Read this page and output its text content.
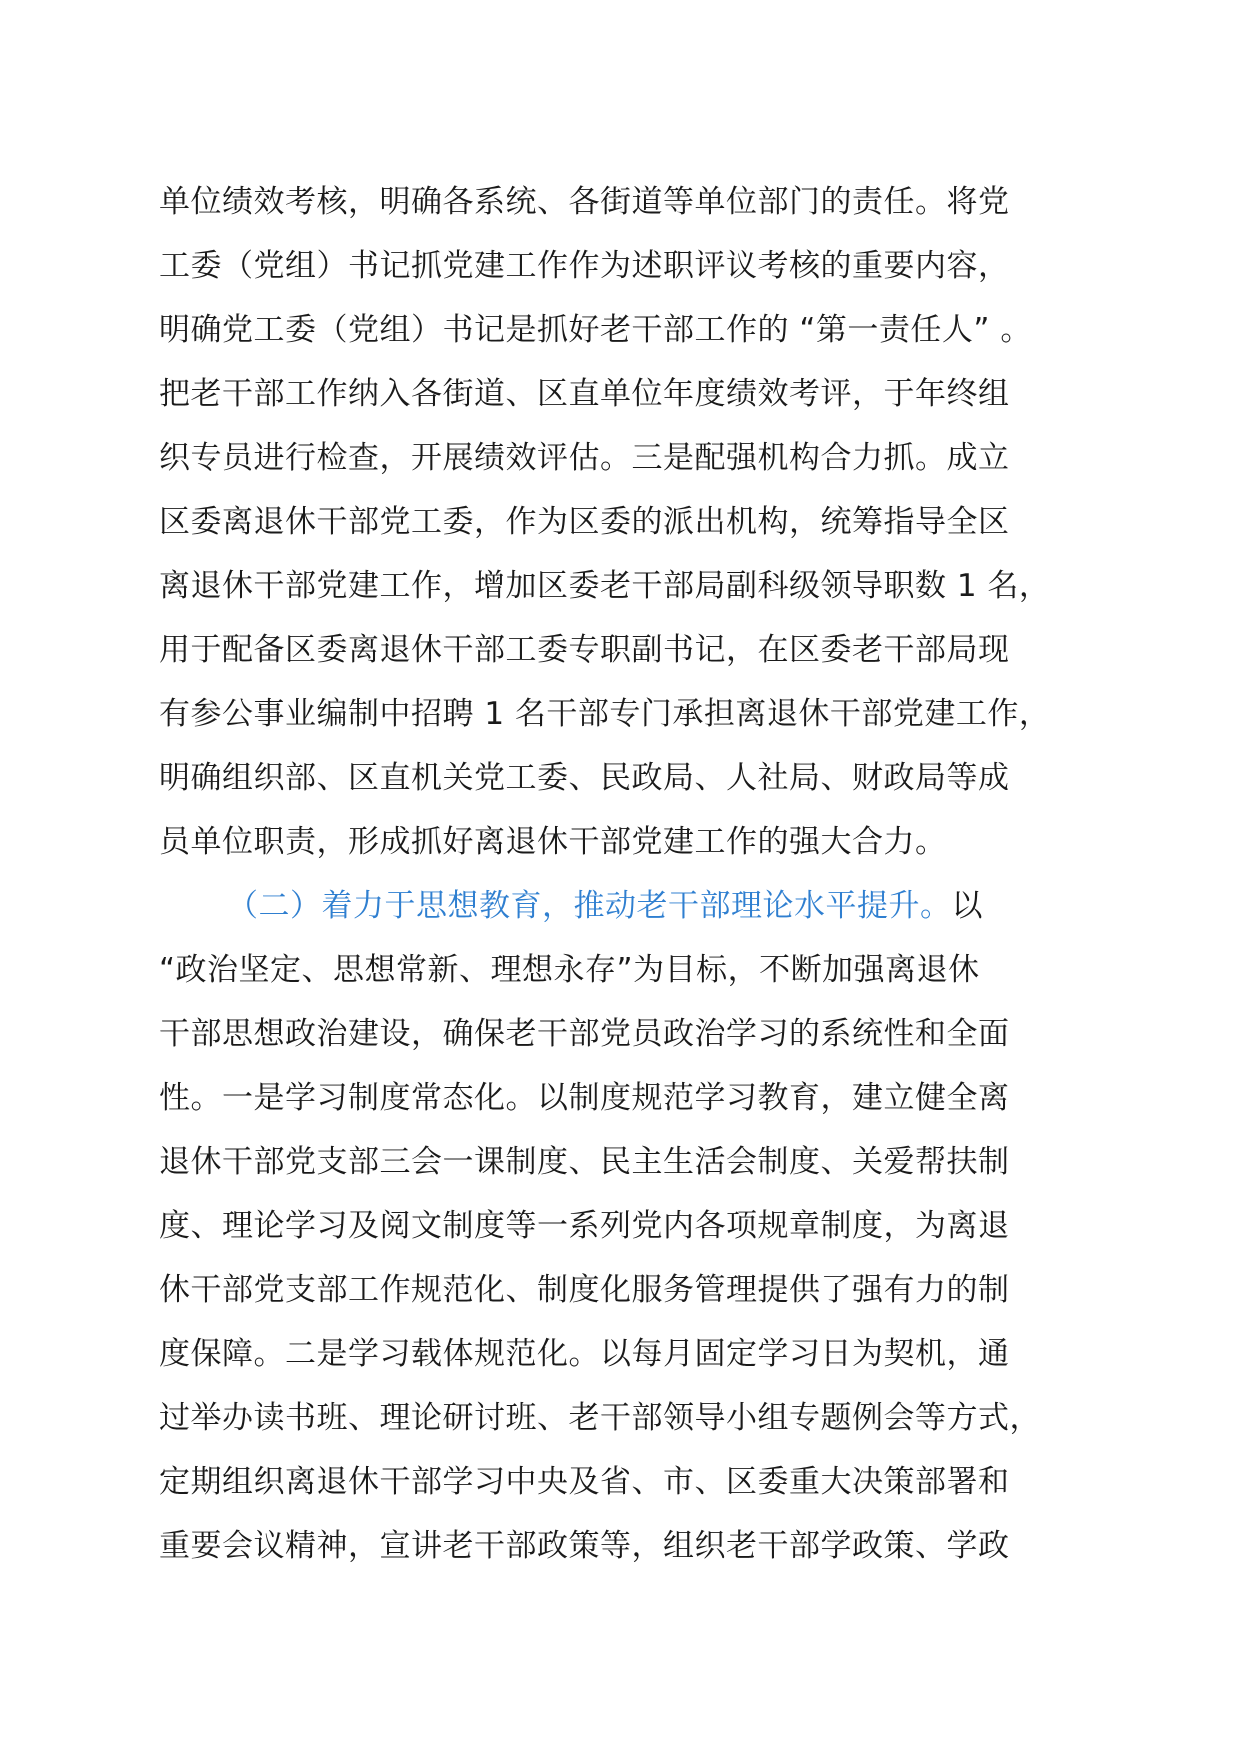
单位绩效考核，明确各系统、各街道等单位部门的责任。将党
工委（党组）书记抓党建工作作为述职评议考核的重要内容，
明确党工委（党组）书记是抓好老干部工作的 “第一责任人” 。
把老干部工作纳入各街道、区直单位年度绩效考评，于年终组
织专员进行检查，开展绩效评估。三是配强机构合力抓。成立
区委离退休干部党工委，作为区委的派出机构，统筹指导全区
离退休干部党建工作，增加区委老干部局副科级领导职数 1 名，
用于配备区委离退休干部工委专职副书记，在区委老干部局现
有参公事业编制中招聘 1 名干部专门承担离退休干部党建工作，
明确组织部、区直机关党工委、民政局、人社局、财政局等成
员单位职责，形成抓好离退休干部党建工作的强大合力。
（二）着力于思想教育，推动老干部理论水平提升。以
“政治坚定、思想常新、理想永存”为目标，不断加强离退休
干部思想政治建设，确保老干部党员政治学习的系统性和全面
性。一是学习制度常态化。以制度规范学习教育，建立健全离
退休干部党支部三会一课制度、民主生活会制度、关爱帮扶制
度、理论学习及阅文制度等一系列党内各项规章制度，为离退
休干部党支部工作规范化、制度化服务管理提供了强有力的制
度保障。二是学习载体规范化。以每月固定学习日为契机，通
过举办读书班、理论研讨班、老干部领导小组专题例会等方式，
定期组织离退休干部学习中央及省、市、区委重大决策部署和
重要会议精神，宣讲老干部政策等，组织老干部学政策、学政
